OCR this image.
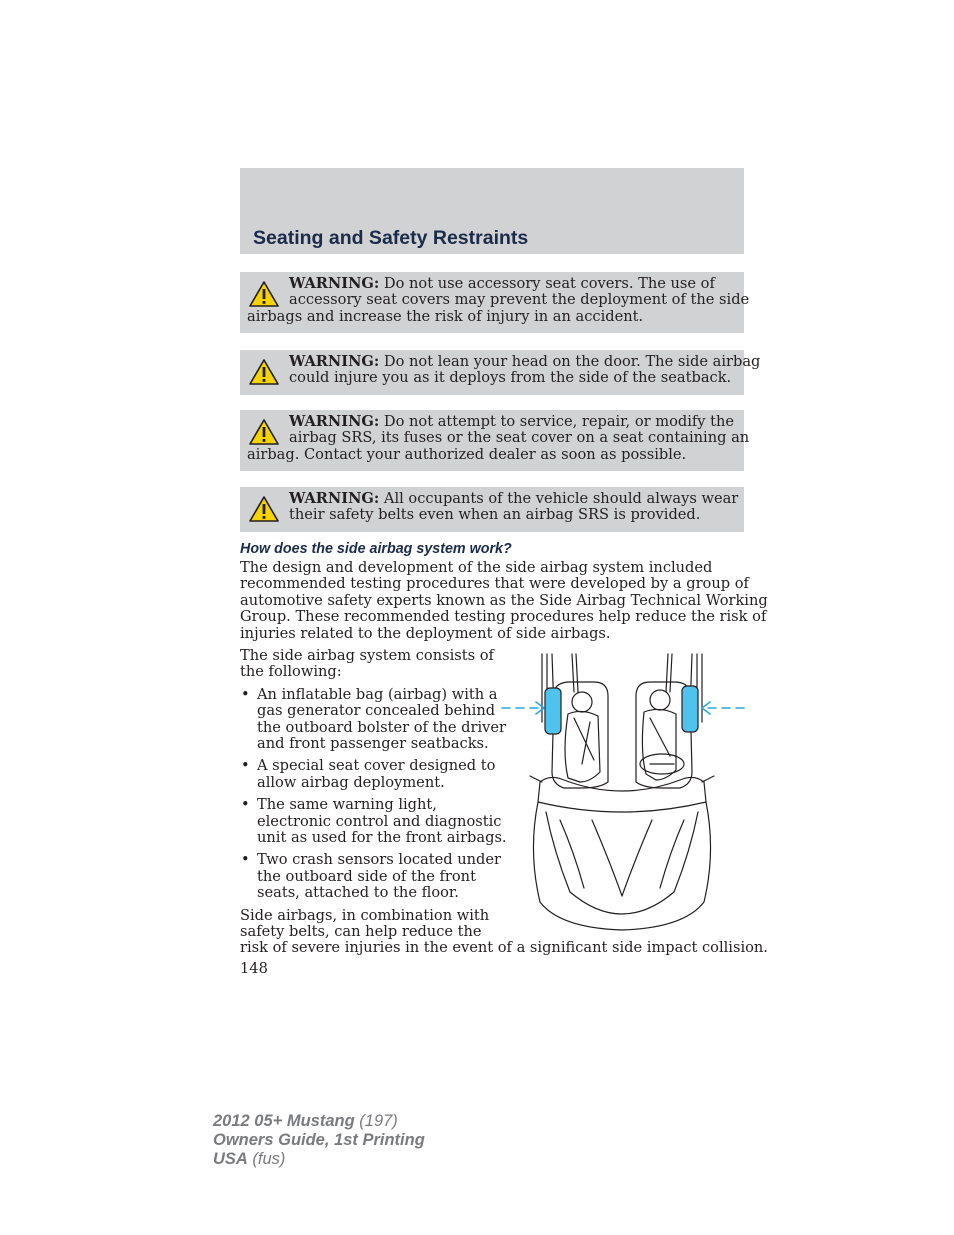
Seating and Safety Restraints
WARNING: Do not use accessory seat covers. The use of
accessory seat covers may prevent the deployment of the side
airbags and increase the risk of injury in an accident.
WARNING: Do not lean your head on the door. The side airbag
could injure you as it deploys from the side of the seatback.
WARNING: Do not attempt to service, repair, or modify the
airbag SRS, its fuses or the seat cover on a seat containing an
airbag. Contact your authorized dealer as soon as possible.
WARNING: All occupants of the vehicle should always wear
their safety belts even when an airbag SRS is provided.
How does the side airbag system work?
The design and development of the side airbag system included
recommended testing procedures that were developed by a group of
automotive safety experts known as the Side Airbag Technical Working
Group. These recommended testing procedures help reduce the risk of
injuries related to the deployment of side airbags.

The side airbag system consists of
the following:

• An inflatable bag (airbag) with a
gas generator concealed behind
the outboard bolster of the driver
and front passenger seatbacks.
• A special seat cover designed to
allow airbag deployment.
• The same warning light,
electronic control and diagnostic
unit as used for the front airbags.
• Two crash sensors located under
the outboard side of the front
seats, attached to the floor.

Side airbags, in combination with
safety belts, can help reduce the

risk of severe injuries in the event of a significant side impact collision.
148
2012 05+ Mustang (197)
Owners Guide, 1st Printing
USA (fus)
